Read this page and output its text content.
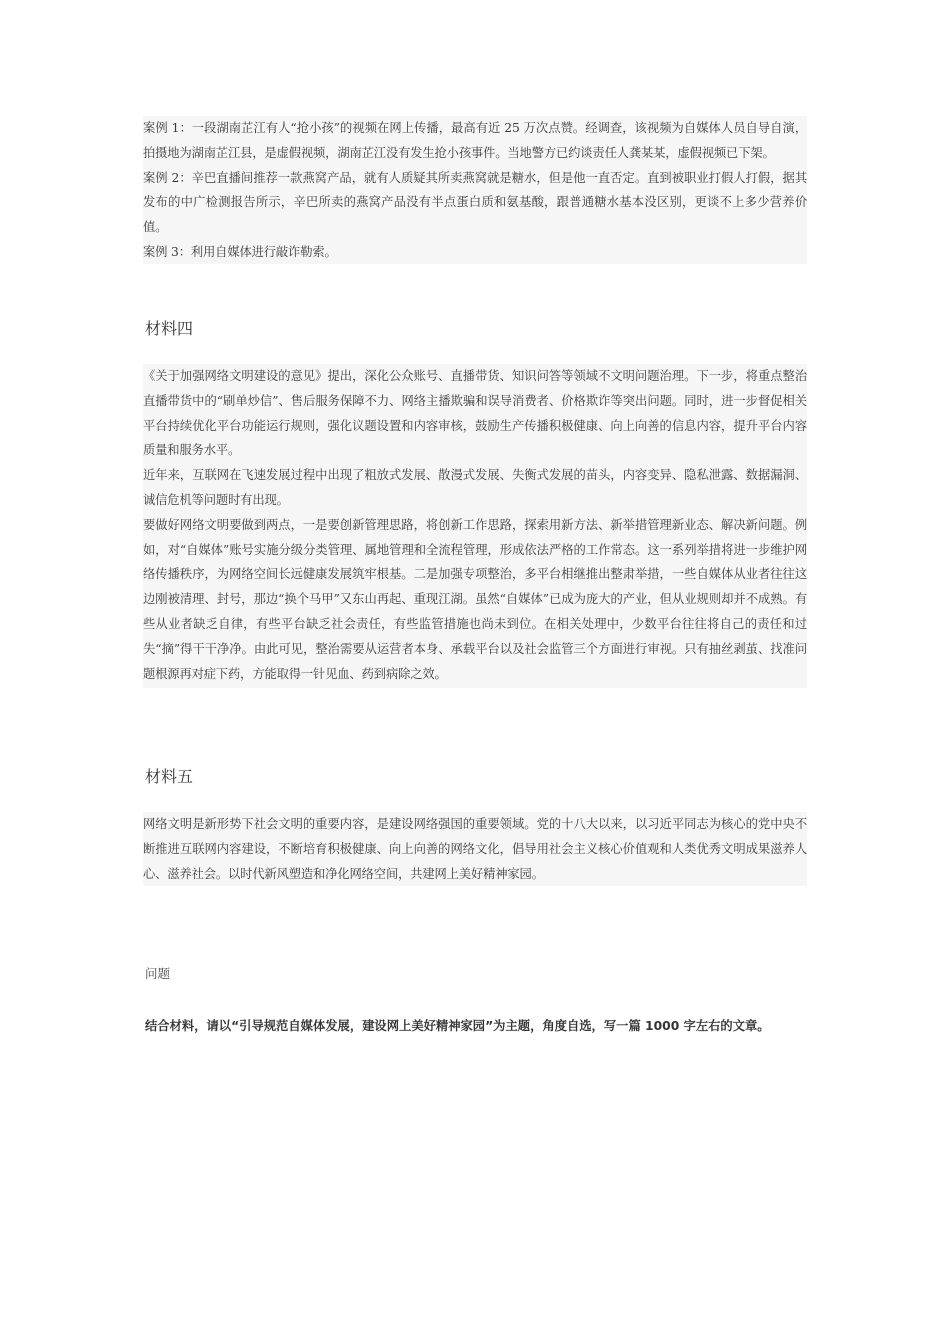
案例 1：一段湖南芷江有人“抢小孩”的视频在网上传播，最高有近 25 万次点赞。经调查，该视频为自媒体人员自导自演，拍摄地为湖南芷江县，是虚假视频，湖南芷江没有发生抢小孩事件。当地警方已约谈责任人龚某某，虚假视频已下架。

案例 2：辛巴直播间推荐一款燕窝产品，就有人质疑其所卖燕窝就是糖水，但是他一直否定。直到被职业打假人打假，据其发布的中广检测报告所示，辛巴所卖的燕窝产品没有半点蛋白质和氨基酸，跟普通糖水基本没区别，更谈不上多少营养价值。

案例 3：利用自媒体进行敲诈勒索。

材料四

《关于加强网络文明建设的意见》提出，深化公众账号、直播带货、知识问答等领域不文明问题治理。下一步，将重点整治直播带货中的“刷单炒信”、售后服务保障不力、网络主播欺骗和误导消费者、价格欺诈等突出问题。同时，进一步督促相关平台持续优化平台功能运行规则，强化议题设置和内容审核，鼓励生产传播积极健康、向上向善的信息内容，提升平台内容质量和服务水平。

近年来，互联网在飞速发展过程中出现了粗放式发展、散漫式发展、失衡式发展的苗头，内容变异、隐私泄露、数据漏洞、诚信危机等问题时有出现。

要做好网络文明要做到两点，一是要创新管理思路，将创新工作思路，探索用新方法、新举措管理新业态、解决新问题。例如，对“自媒体”账号实施分级分类管理、属地管理和全流程管理，形成依法严格的工作常态。这一系列举措将进一步维护网络传播秩序，为网络空间长远健康发展筑牢根基。二是加强专项整治，多平台相继推出整肃举措，一些自媒体从业者往往这边刚被清理、封号，那边“换个马甲”又东山再起、重现江湖。虽然“自媒体”已成为庞大的产业，但从业规则却并不成熟。有些从业者缺乏自律，有些平台缺乏社会责任，有些监管措施也尚未到位。在相关处理中，少数平台往往将自己的责任和过失“摘”得干干净净。由此可见，整治需要从运营者本身、承载平台以及社会监管三个方面进行审视。只有抽丝剥茧、找准问题根源再对症下药，方能取得一针见血、药到病除之效。

材料五

网络文明是新形势下社会文明的重要内容，是建设网络强国的重要领域。党的十八大以来，以习近平同志为核心的党中央不断推进互联网内容建设，不断培育积极健康、向上向善的网络文化，倡导用社会主义核心价值观和人类优秀文明成果滋养人心、滋养社会。以时代新风塑造和净化网络空间，共建网上美好精神家园。

问题
结合材料，请以“引导规范自媒体发展，建设网上美好精神家园”为主题，角度自选，写一篇 1000 字左右的文章。
